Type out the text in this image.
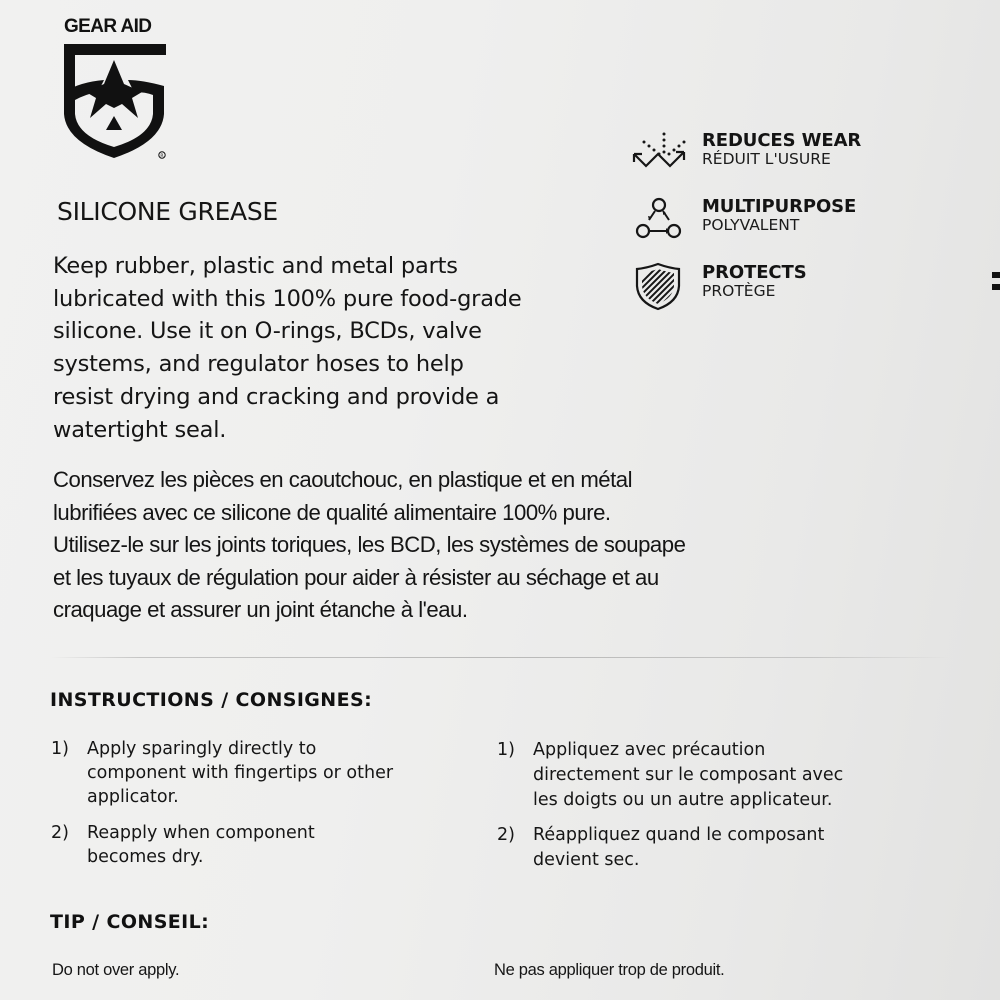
GEAR AID
R
SILICONE GREASE
Keep rubber, plastic and metal parts
lubricated with this 100% pure food-grade
silicone. Use it on O-rings, BCDs, valve
systems, and regulator hoses to help
resist drying and cracking and provide a
watertight seal.
Conservez les pièces en caoutchouc, en plastique et en métal
lubrifiées avec ce silicone de qualité alimentaire 100% pure.
Utilisez-le sur les joints toriques, les BCD, les systèmes de soupape
et les tuyaux de régulation pour aider à résister au séchage et au
craquage et assurer un joint étanche à l'eau.
REDUCES WEAR
RÉDUIT L'USURE
MULTIPURPOSE
POLYVALENT
PROTECTS
PROTÈGE
INSTRUCTIONS / CONSIGNES:
1) Apply sparingly directly to
component with fingertips or other
applicator.
2) Reapply when component
becomes dry.
1) Appliquez avec précaution
directement sur le composant avec
les doigts ou un autre applicateur.
2) Réappliquez quand le composant
devient sec.
TIP / CONSEIL:
Do not over apply.	Ne pas appliquer trop de produit.
